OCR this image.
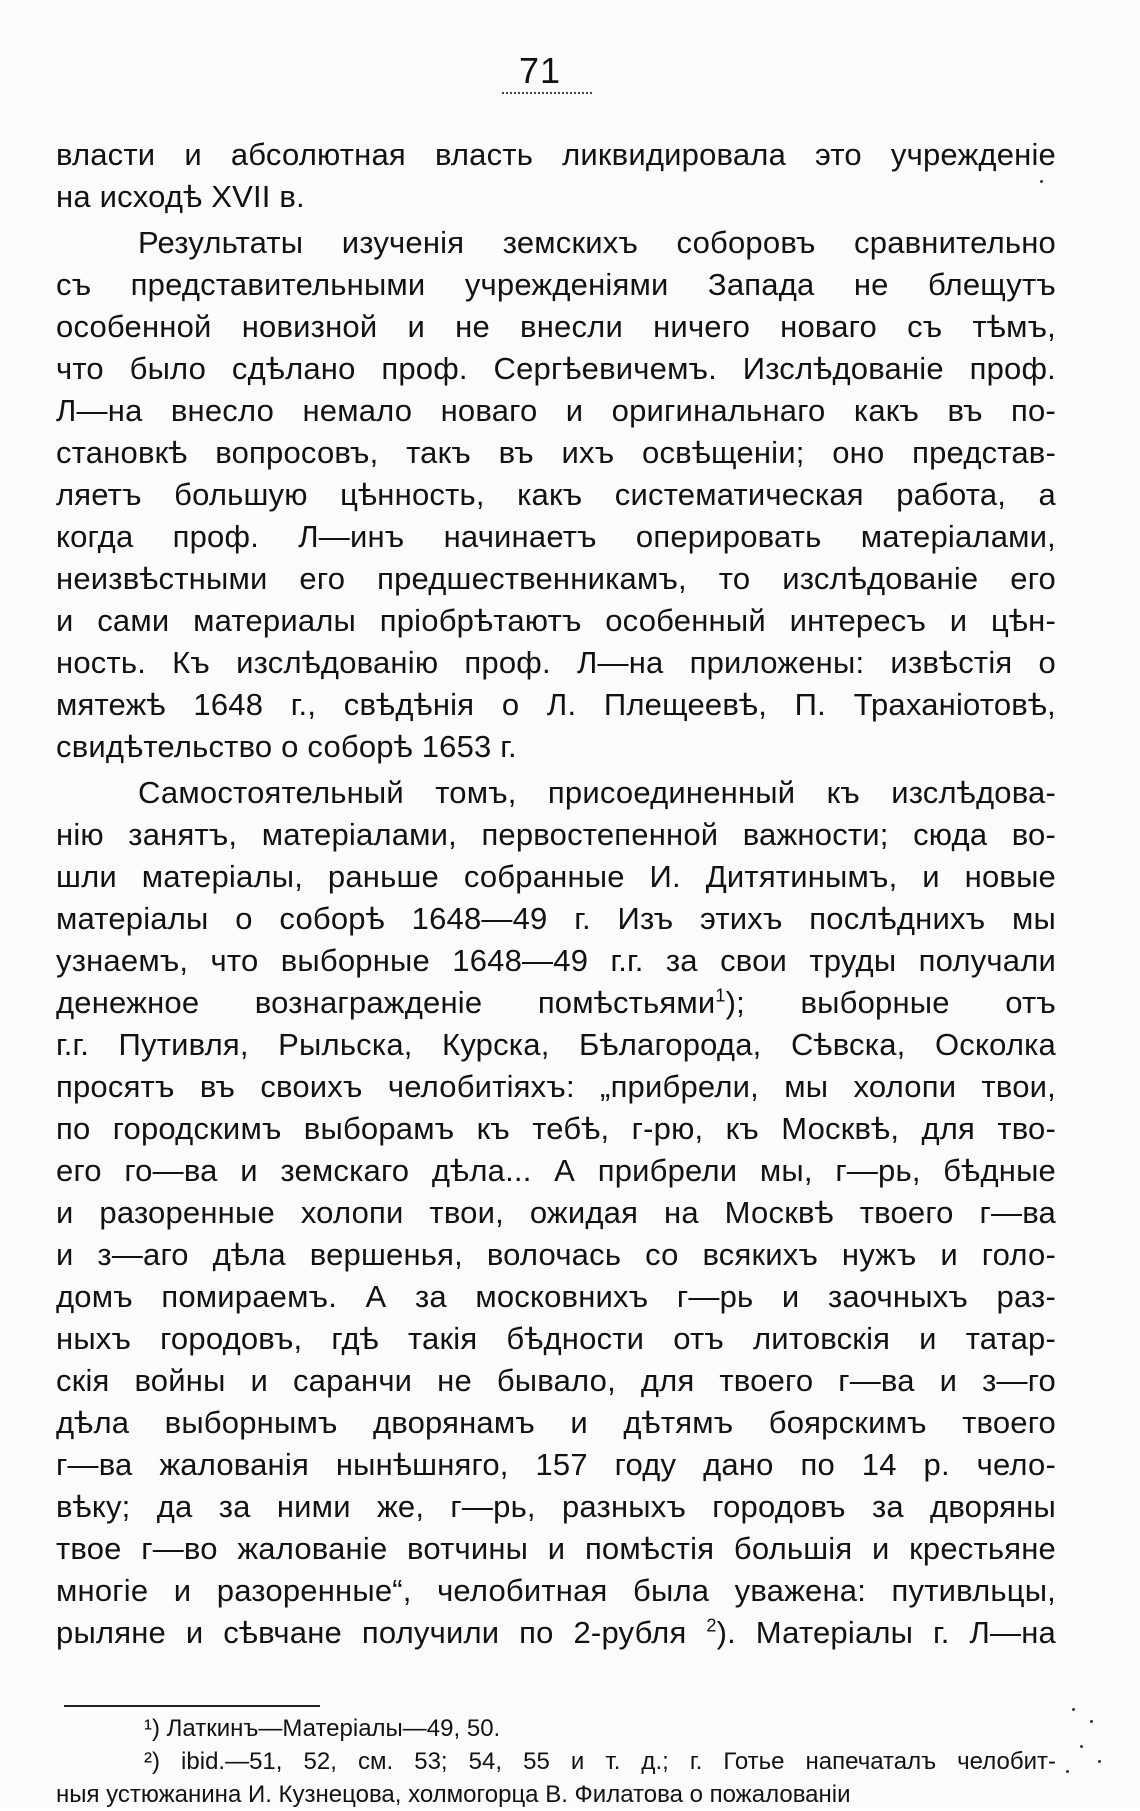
71
власти и абсолютная власть ликвидировала это учрежденіе
на исходѣ XVII в.
Результаты изученія земскихъ соборовъ сравнительно
съ представительными учрежденіями Запада не блещутъ
особенной новизной и не внесли ничего новаго съ тѣмъ,
что было сдѣлано проф. Сергѣевичемъ. Изслѣдованіе проф.
Л—на внесло немало новаго и оригинальнаго какъ въ по-
становкѣ вопросовъ, такъ въ ихъ освѣщеніи; оно представ-
ляетъ большую цѣнность, какъ систематическая работа, а
когда проф. Л—инъ начинаетъ оперировать матеріалами,
неизвѣстными его предшественникамъ, то изслѣдованіе его
и сами материалы пріобрѣтаютъ особенный интересъ и цѣн-
ность. Къ изслѣдованію проф. Л—на приложены: извѣстія о
мятежѣ 1648 г., свѣдѣнія о Л. Плещеевѣ, П. Траханіотовѣ,
свидѣтельство о соборѣ 1653 г.
Самостоятельный томъ, присоединенный къ изслѣдова-
нію занятъ, матеріалами, первостепенной важности; сюда во-
шли матеріалы, раньше собранные И. Дитятинымъ, и новые
матеріалы о соборѣ 1648—49 г. Изъ этихъ послѣднихъ мы
узнаемъ, что выборные 1648—49 г.г. за свои труды получали
денежное вознагражденіе помѣстьями$^1$); выборные отъ
г.г. Путивля, Рыльска, Курска, Бѣлагорода, Сѣвска, Осколка
просятъ въ своихъ челобитіяхъ: „прибрели, мы холопи твои,
по городскимъ выборамъ къ тебѣ, г-рю, къ Москвѣ, для тво-
его го—ва и земскаго дѣла... А прибрели мы, г—рь, бѣдные
и разоренные холопи твои, ожидая на Москвѣ твоего г—ва
и з—аго дѣла вершенья, волочась со всякихъ нужъ и голо-
домъ помираемъ. А за московнихъ г—рь и заочныхъ раз-
ныхъ городовъ, гдѣ такія бѣдности отъ литовскія и татар-
скія войны и саранчи не бывало, для твоего г—ва и з—го
дѣла выборнымъ дворянамъ и дѣтямъ боярскимъ твоего
г—ва жалованія нынѣшняго, 157 году дано по 14 р. чело-
вѣку; да за ними же, г—рь, разныхъ городовъ за дворяны
твое г—во жалованіе вотчины и помѣстія большія и крестьяне
многіе и разоренные“, челобитная была уважена: путивльцы,
рыляне и сѣвчане получили по 2-рубля $^2$). Матеріалы г. Л—на
¹) Латкинъ—Матеріалы—49, 50.
²) ibid.—51, 52, см. 53; 54, 55 и т. д.; г. Готье напечаталъ челобит-
ныя устюжанина И. Кузнецова, холмогорца В. Филатова о пожалованіи
